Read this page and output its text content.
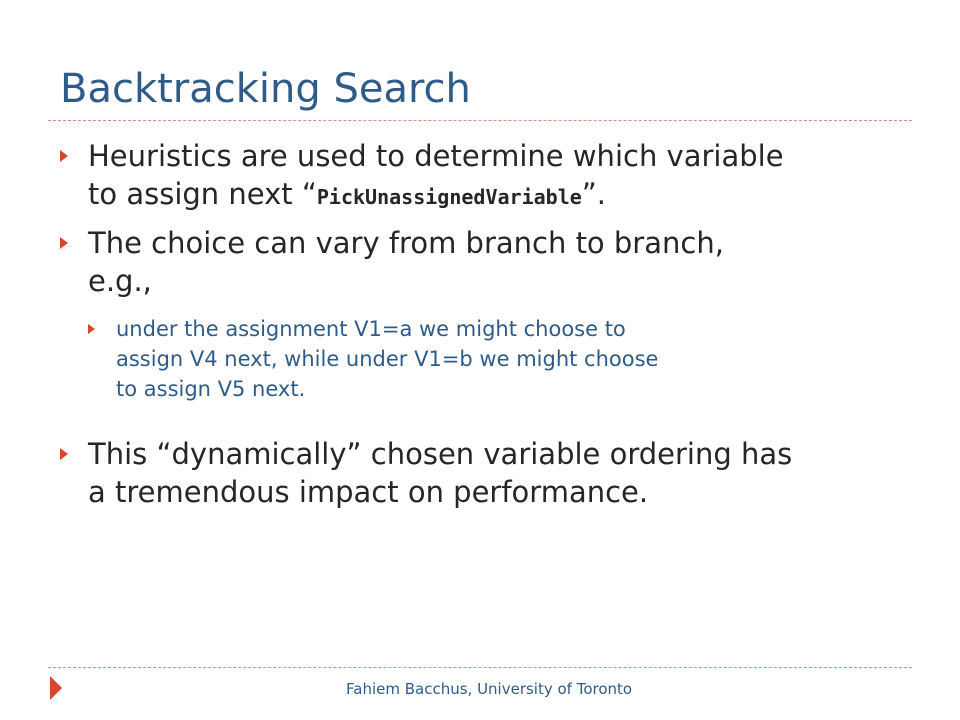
Backtracking Search
Heuristics are used to determine which variable
to assign next “PickUnassignedVariable”.
The choice can vary from branch to branch,
e.g.,
under the assignment V1=a we might choose to
assign V4 next, while under V1=b we might choose
to assign V5 next.
This “dynamically” chosen variable ordering has
a tremendous impact on performance.
Fahiem Bacchus, University of Toronto
